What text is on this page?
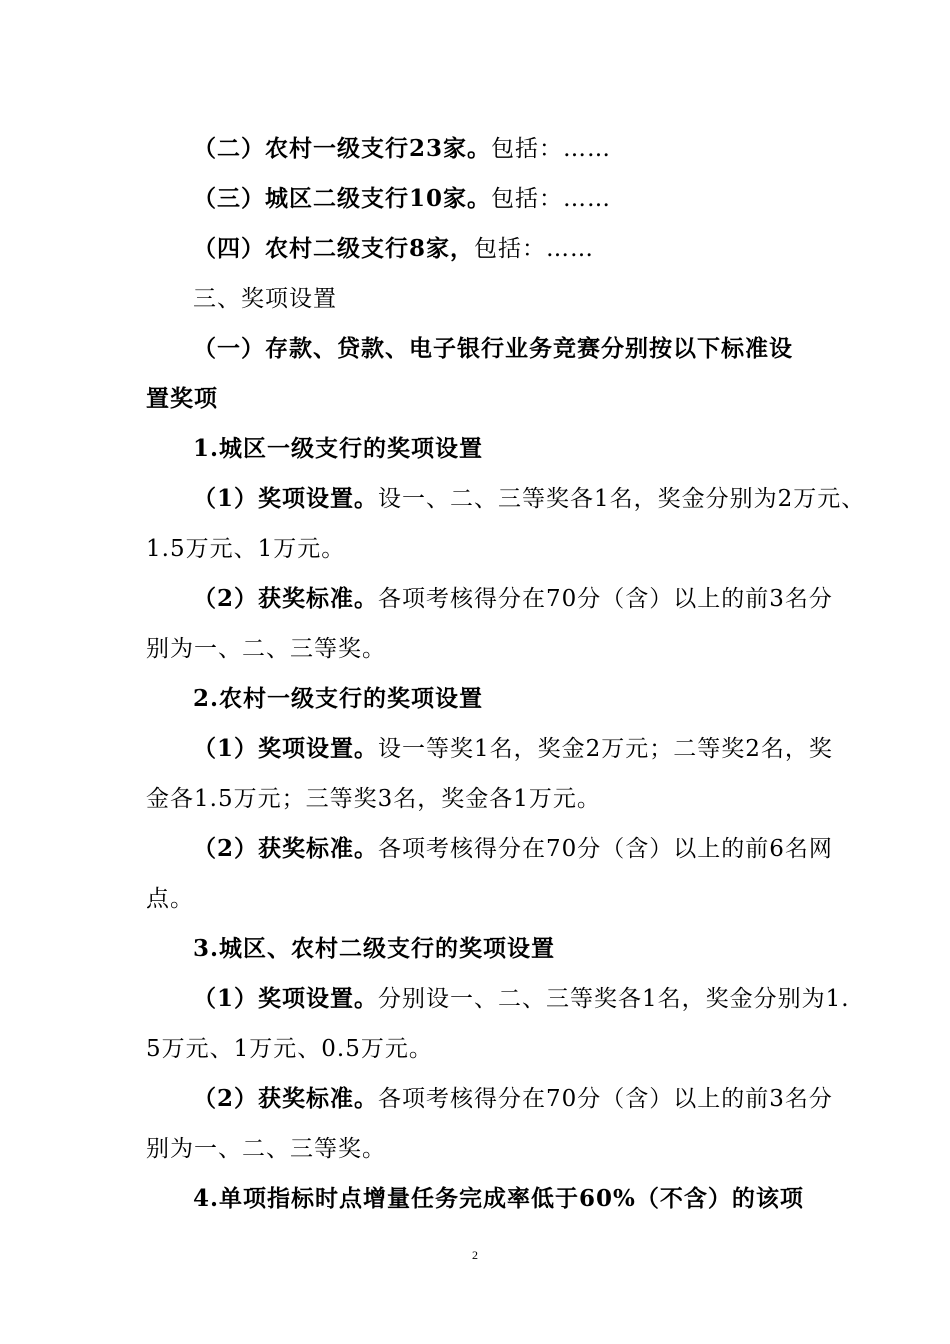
（二）农村一级支行23家。包括：……
（三）城区二级支行10家。包括：……
（四）农村二级支行8家，包括：……
三、奖项设置
（一）存款、贷款、电子银行业务竞赛分别按以下标准设
置奖项
1.城区一级支行的奖项设置
（1）奖项设置。设一、二、三等奖各1名，奖金分别为2万元、
1.5万元、1万元。
（2）获奖标准。各项考核得分在70分（含）以上的前3名分
别为一、二、三等奖。
2.农村一级支行的奖项设置
（1）奖项设置。设一等奖1名，奖金2万元；二等奖2名，奖
金各1.5万元；三等奖3名，奖金各1万元。
（2）获奖标准。各项考核得分在70分（含）以上的前6名网
点。
3.城区、农村二级支行的奖项设置
（1）奖项设置。分别设一、二、三等奖各1名，奖金分别为1.
5万元、1万元、0.5万元。
（2）获奖标准。各项考核得分在70分（含）以上的前3名分
别为一、二、三等奖。
4.单项指标时点增量任务完成率低于60%（不含）的该项
2
